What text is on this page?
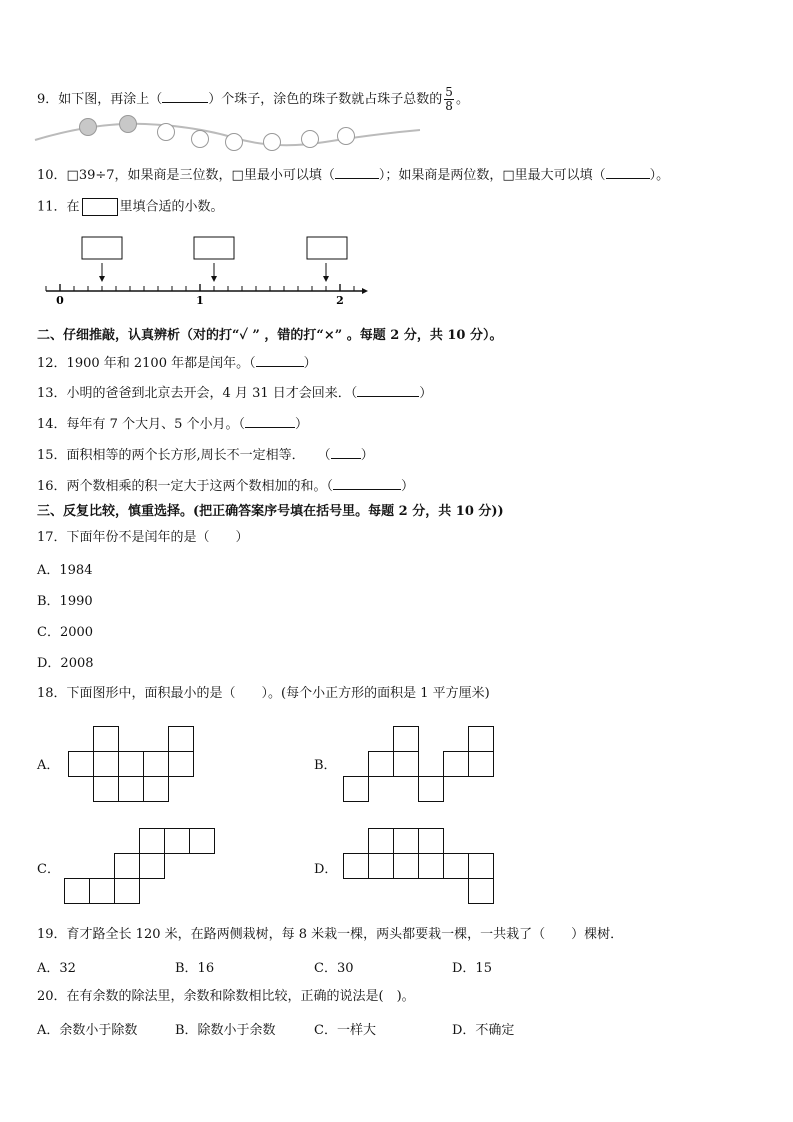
9．如下图，再涂上（	）个珠子，涂色的珠子数就占珠子总数的 $\frac{5}{8}$ 。
10．□39÷7，如果商是三位数，□里最小可以填（	）；如果商是两位数，□里最大可以填（	）。
11．在	里填合适的小数。
0	1	2
二、仔细推敲，认真辨析（对的打“✓ ” ，错的打“×” 。每题 2 分，共 10 分）。
12．1900 年和 2100 年都是闰年。（	）
13．小明的爸爸到北京去开会，4 月 31 日才会回来．（	）
14．每年有 7 个大月、5 个小月。（	）
15．面积相等的两个长方形,周长不一定相等．　　（ ）
16．两个数相乘的积一定大于这两个数相加的和。（	）
三、反复比较，慎重选择。(把正确答案序号填在括号里。每题 2 分，共 10 分))
17．下面年份不是闰年的是（　　）
A．1984
B．1990
C．2000
D．2008
18．下面图形中，面积最小的是（　　）。(每个小正方形的面积是 1 平方厘米)
A．	B．
C．	D．
19．育才路全长 120 米，在路两侧栽树，每 8 米栽一棵，两头都要栽一棵，一共栽了（　　）棵树．
A．32	B．16	C．30	D．15
20．在有余数的除法里，余数和除数相比较，正确的说法是(　)。
A．余数小于除数	B．除数小于余数	C．一样大	D．不确定
